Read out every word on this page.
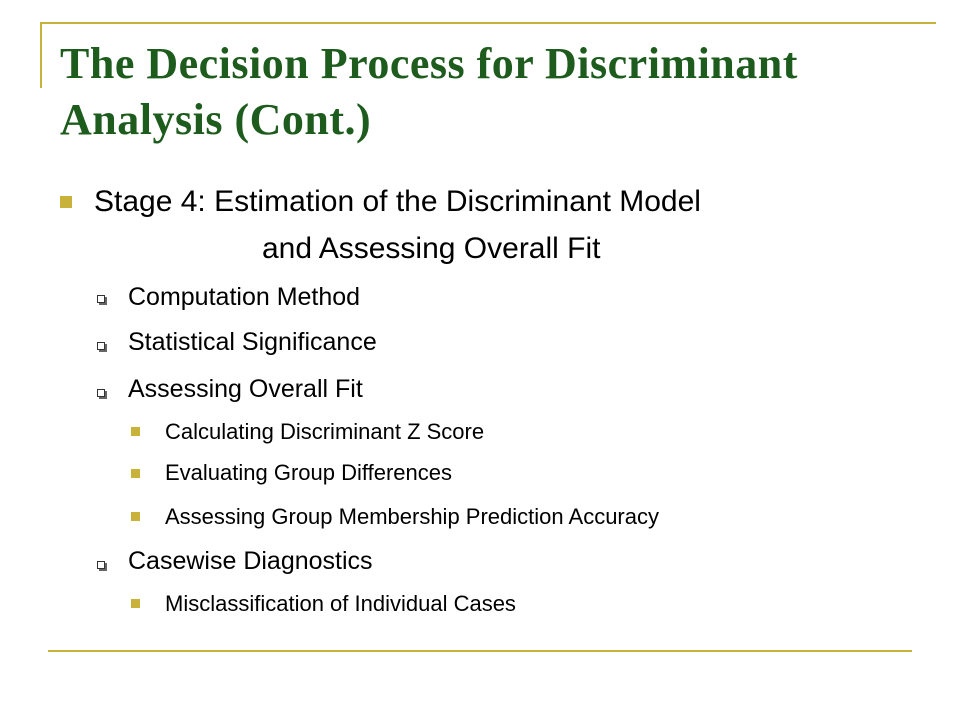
The Decision Process for Discriminant Analysis (Cont.)
Stage 4: Estimation of the Discriminant Model
and Assessing Overall Fit
Computation Method
Statistical Significance
Assessing Overall Fit
Calculating Discriminant Z Score
Evaluating Group Differences
Assessing Group Membership Prediction Accuracy
Casewise Diagnostics
Misclassification of Individual Cases
